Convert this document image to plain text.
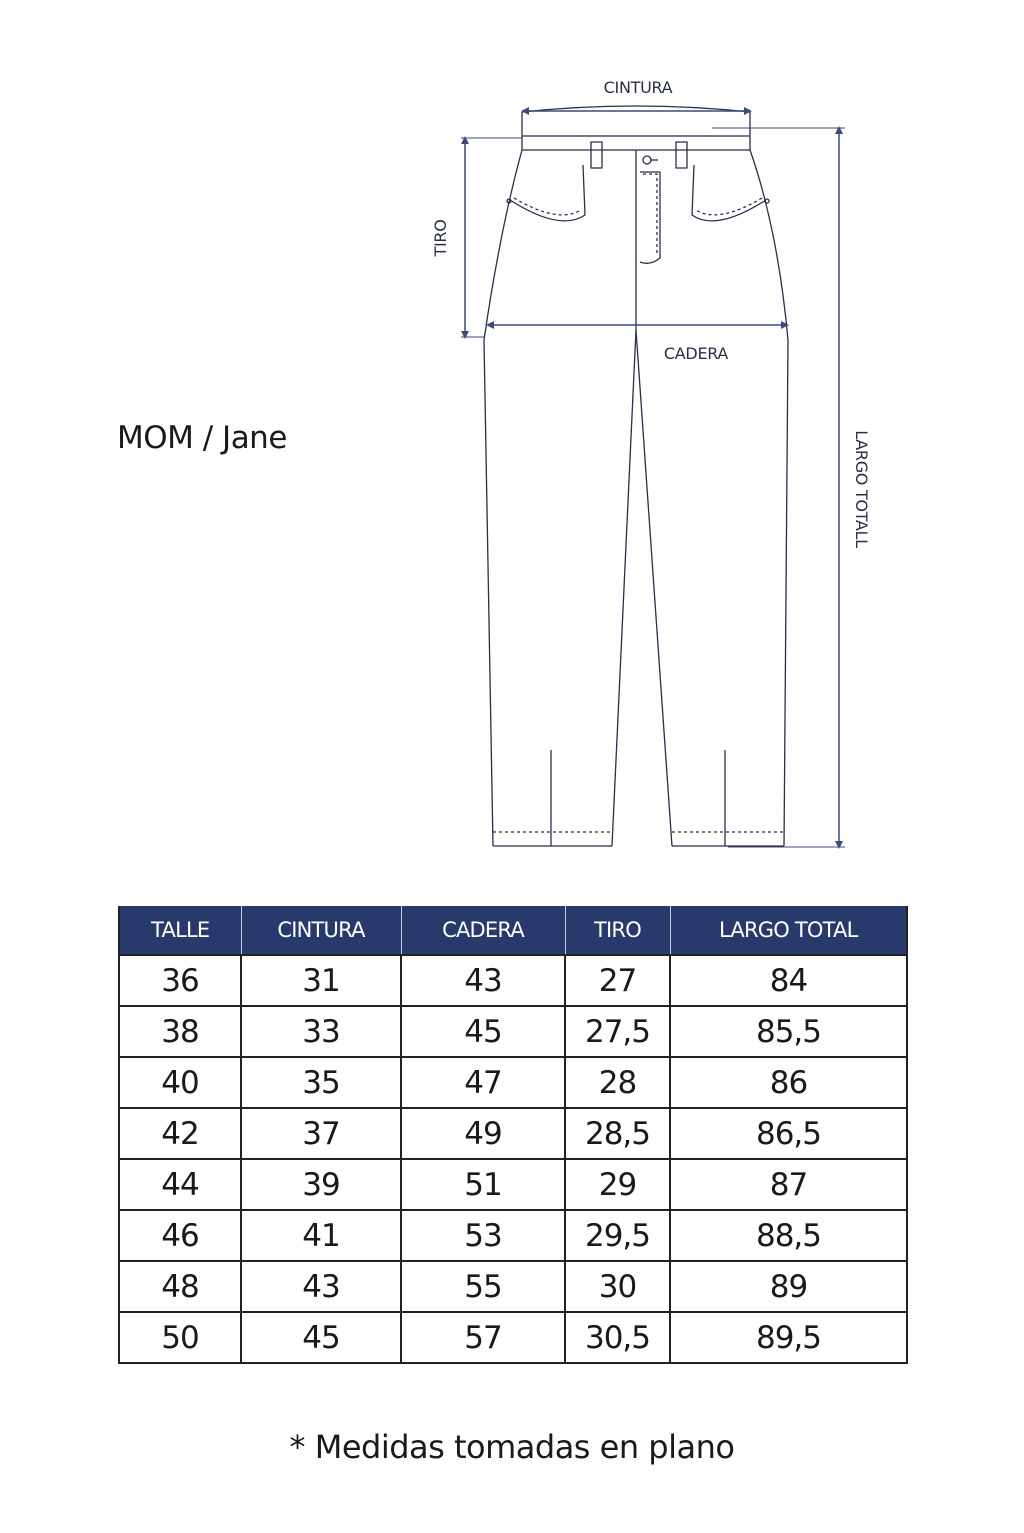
CINTURA
TIRO
CADERA
LARGO TOTALL
MOM / Jane
TALLE	CINTURA	CADERA	TIRO	LARGO TOTAL
36	31	43	27	84
38	33	45	27,5	85,5
40	35	47	28	86
42	37	49	28,5	86,5
44	39	51	29	87
46	41	53	29,5	88,5
48	43	55	30	89
50	45	57	30,5	89,5
* Medidas tomadas en plano
